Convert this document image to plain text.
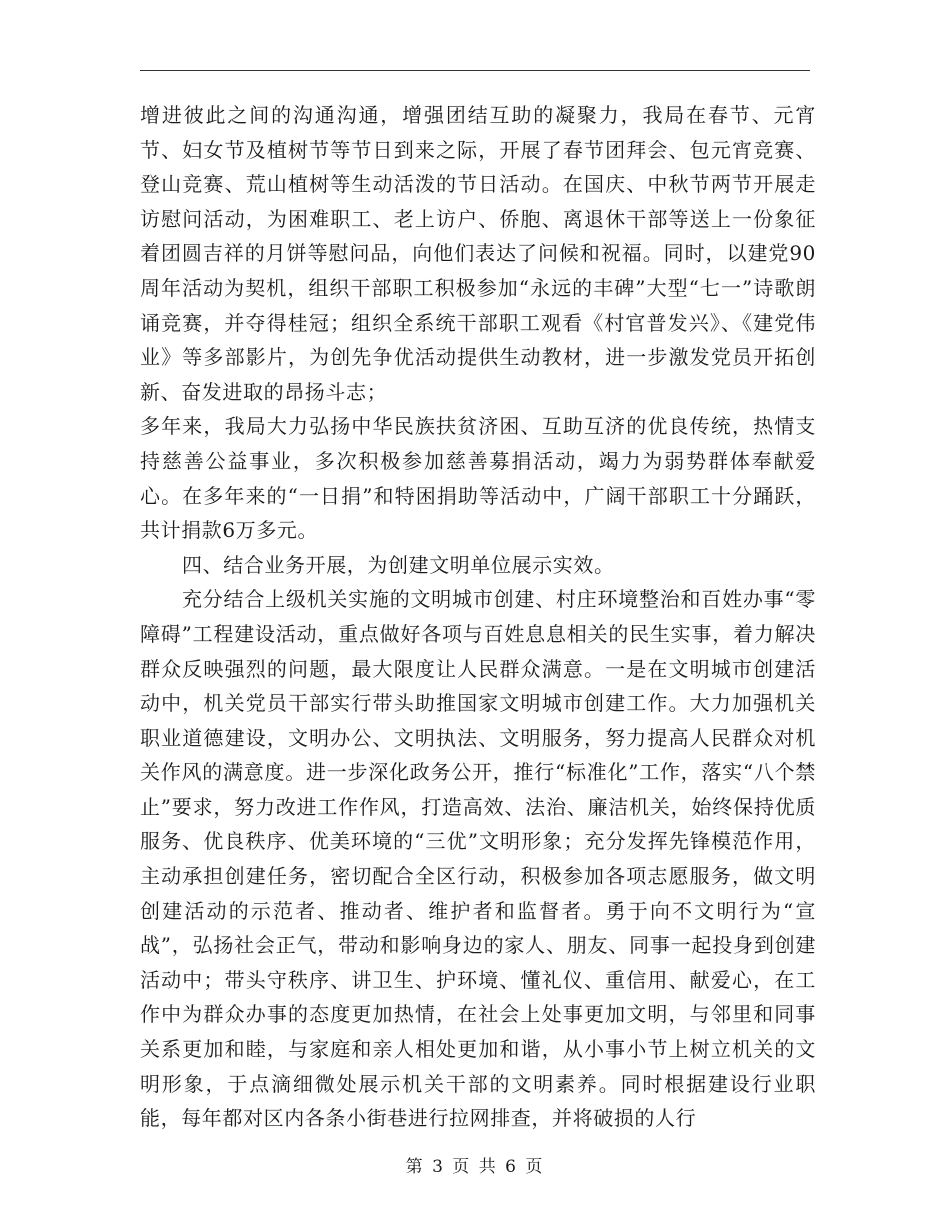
增进彼此之间的沟通沟通，增强团结互助的凝聚力，我局在春节、元宵节、妇女节及植树节等节日到来之际，开展了春节团拜会、包元宵竞赛、登山竞赛、荒山植树等生动活泼的节日活动。在国庆、中秋节两节开展走访慰问活动，为困难职工、老上访户、侨胞、离退休干部等送上一份象征着团圆吉祥的月饼等慰问品，向他们表达了问候和祝福。同时，以建党90周年活动为契机，组织干部职工积极参加“永远的丰碑”大型“七一”诗歌朗诵竞赛，并夺得桂冠；组织全系统干部职工观看《村官普发兴》、《建党伟业》等多部影片，为创先争优活动提供生动教材，进一步激发党员开拓创新、奋发进取的昂扬斗志；

多年来，我局大力弘扬中华民族扶贫济困、互助互济的优良传统，热情支持慈善公益事业，多次积极参加慈善募捐活动，竭力为弱势群体奉献爱心。在多年来的“一日捐”和特困捐助等活动中，广阔干部职工十分踊跃，共计捐款6万多元。

四、结合业务开展，为创建文明单位展示实效。

充分结合上级机关实施的文明城市创建、村庄环境整治和百姓办事“零障碍”工程建设活动，重点做好各项与百姓息息相关的民生实事，着力解决群众反映强烈的问题，最大限度让人民群众满意。一是在文明城市创建活动中，机关党员干部实行带头助推国家文明城市创建工作。大力加强机关职业道德建设，文明办公、文明执法、文明服务，努力提高人民群众对机关作风的满意度。进一步深化政务公开，推行“标准化”工作，落实“八个禁止”要求，努力改进工作作风，打造高效、法治、廉洁机关，始终保持优质服务、优良秩序、优美环境的“三优”文明形象；充分发挥先锋模范作用，主动承担创建任务，密切配合全区行动，积极参加各项志愿服务，做文明创建活动的示范者、推动者、维护者和监督者。勇于向不文明行为“宣战”，弘扬社会正气，带动和影响身边的家人、朋友、同事一起投身到创建活动中；带头守秩序、讲卫生、护环境、懂礼仪、重信用、献爱心，在工作中为群众办事的态度更加热情，在社会上处事更加文明，与邻里和同事关系更加和睦，与家庭和亲人相处更加和谐，从小事小节上树立机关的文明形象，于点滴细微处展示机关干部的文明素养。同时根据建设行业职能，每年都对区内各条小街巷进行拉网排查，并将破损的人行

第 3 页 共 6 页
